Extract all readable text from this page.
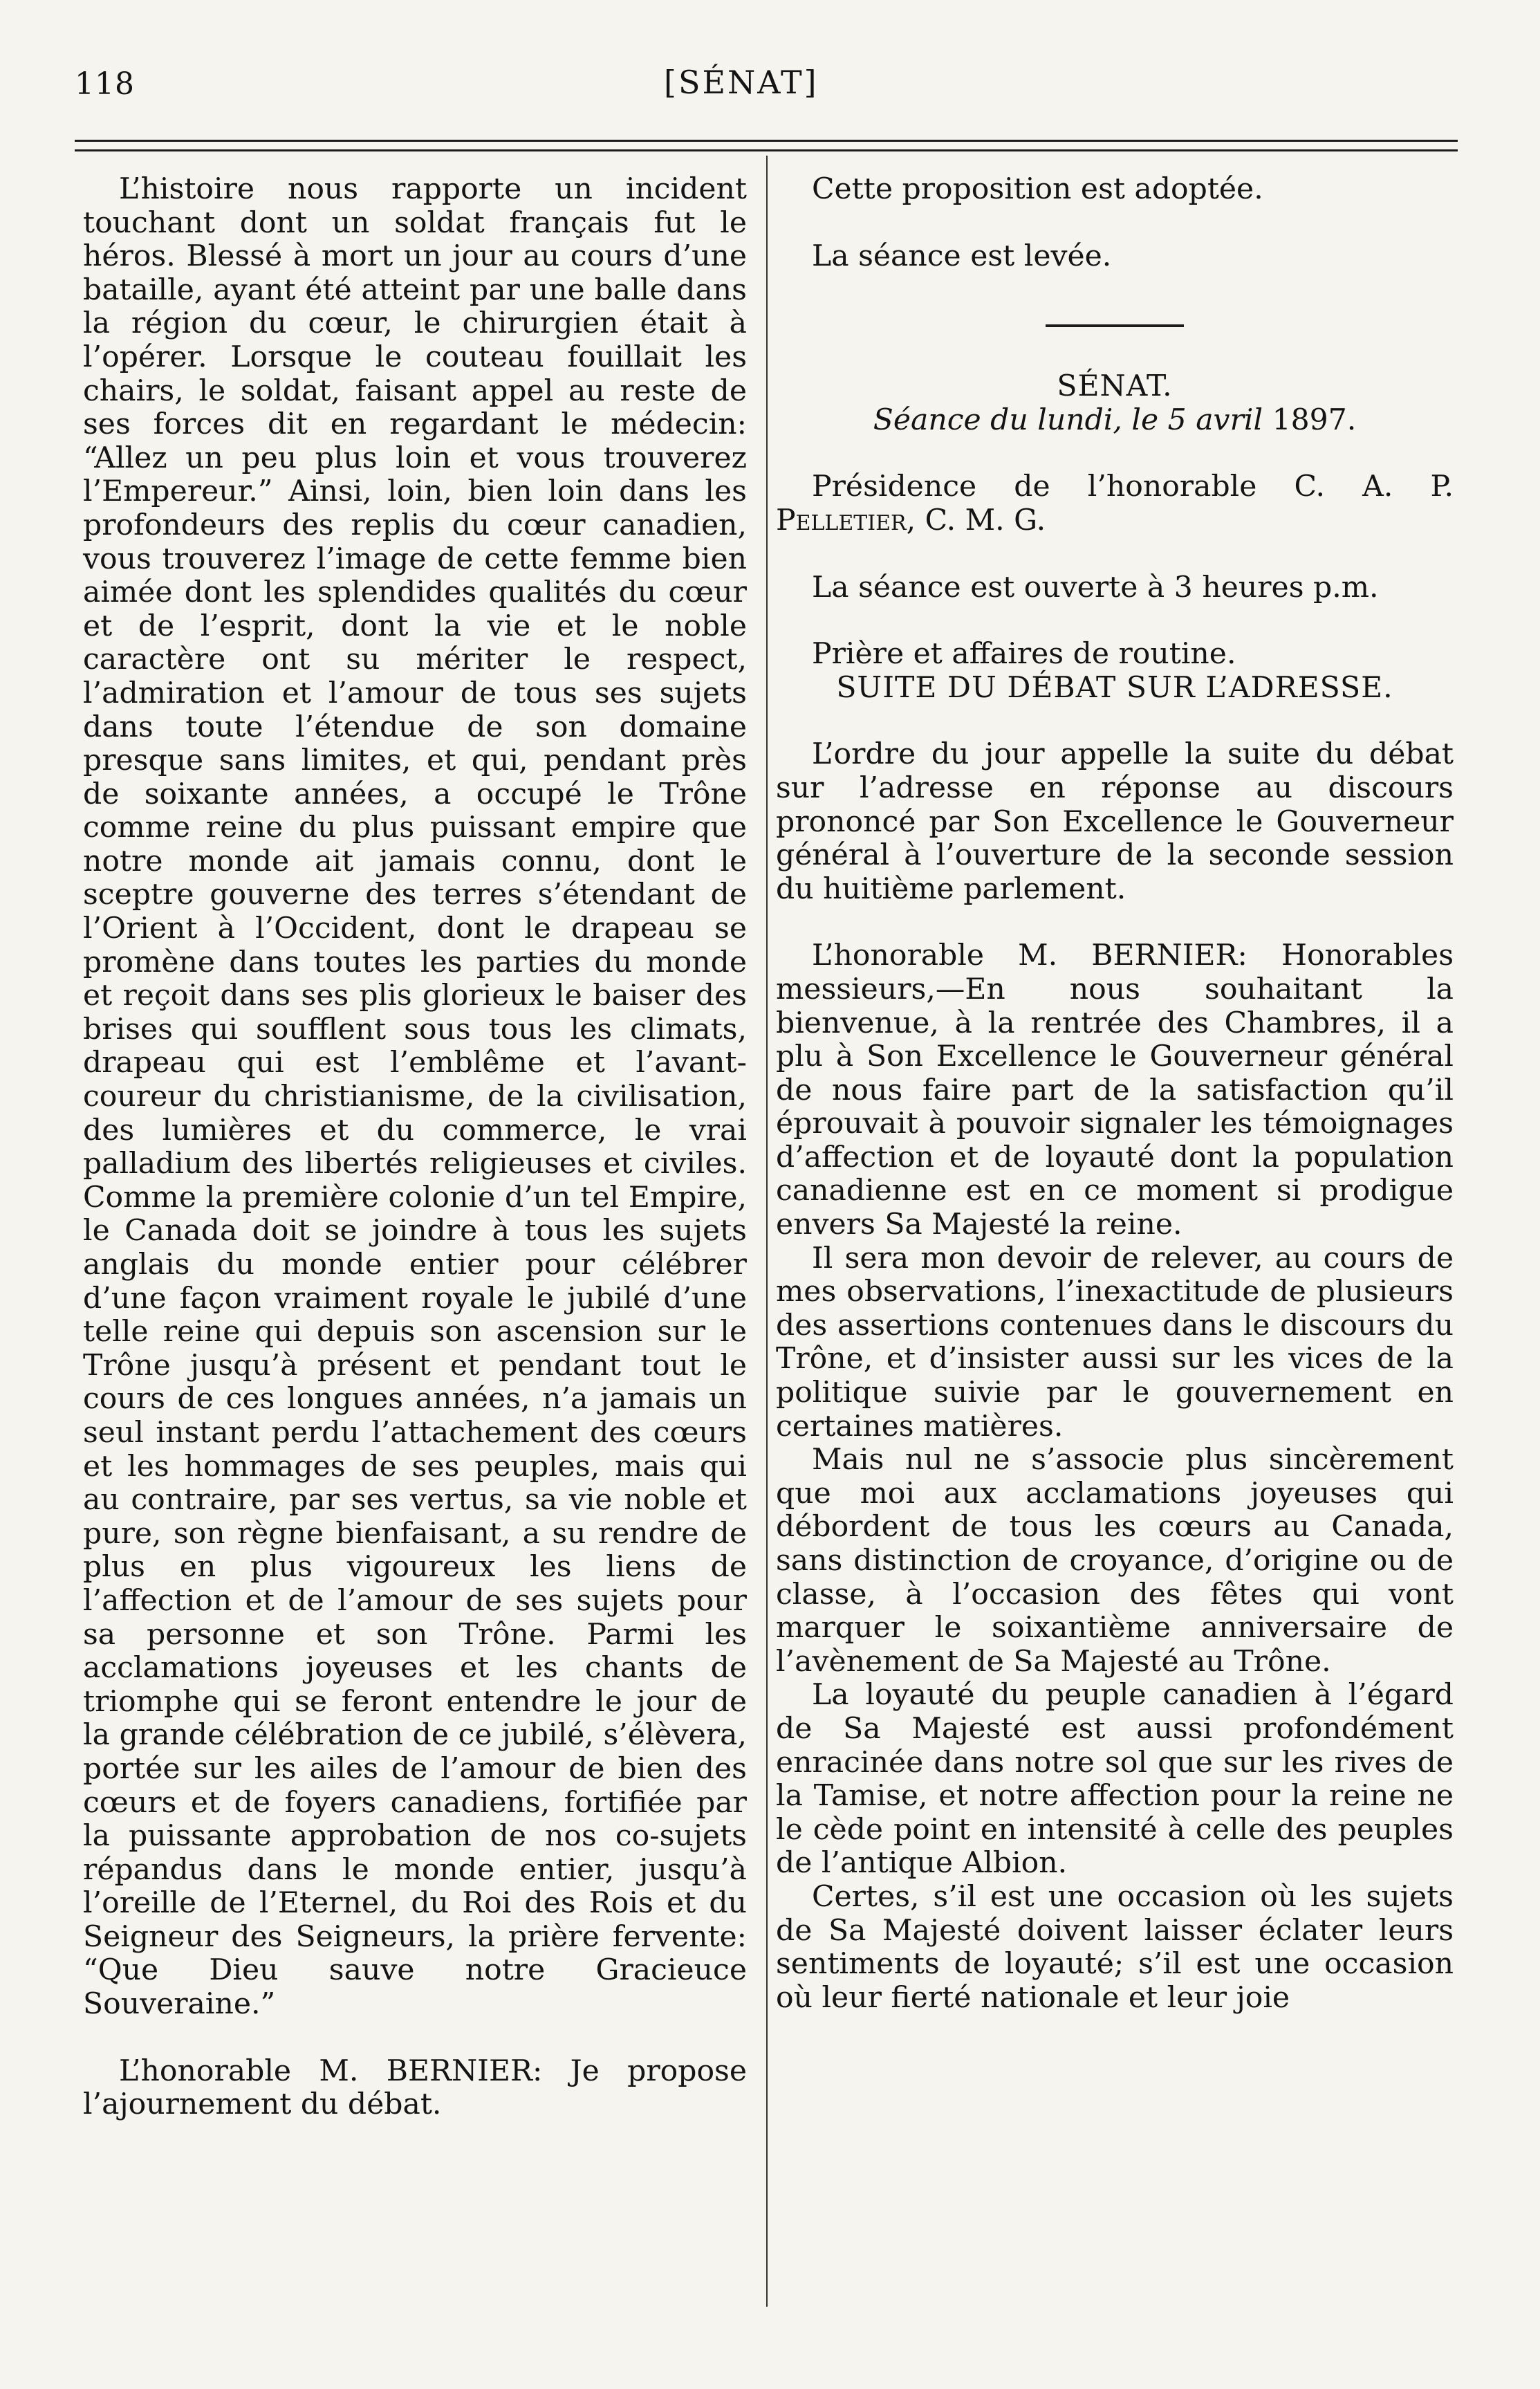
118	[SÉNAT]

L’histoire nous rapporte un incident touchant dont un soldat français fut le héros. Blessé à mort un jour au cours d’une bataille, ayant été atteint par une balle dans la région du cœur, le chirurgien était à l’opérer. Lorsque le couteau fouillait les chairs, le soldat, faisant appel au reste de ses forces dit en regardant le médecin: “Allez un peu plus loin et vous trouverez l’Empereur.” Ainsi, loin, bien loin dans les profondeurs des replis du cœur canadien, vous trouverez l’image de cette femme bien aimée dont les splendides qualités du cœur et de l’esprit, dont la vie et le noble caractère ont su mériter le respect, l’admiration et l’amour de tous ses sujets dans toute l’étendue de son domaine presque sans limites, et qui, pendant près de soixante années, a occupé le Trône comme reine du plus puissant empire que notre monde ait jamais connu, dont le sceptre gouverne des terres s’étendant de l’Orient à l’Occident, dont le drapeau se promène dans toutes les parties du monde et reçoit dans ses plis glorieux le baiser des brises qui soufflent sous tous les climats, drapeau qui est l’emblême et l’avant-coureur du christianisme, de la civilisation, des lumières et du commerce, le vrai palladium des libertés religieuses et civiles. Comme la première colonie d’un tel Empire, le Canada doit se joindre à tous les sujets anglais du monde entier pour célébrer d’une façon vraiment royale le jubilé d’une telle reine qui depuis son ascension sur le Trône jusqu’à présent et pendant tout le cours de ces longues années, n’a jamais un seul instant perdu l’attachement des cœurs et les hommages de ses peuples, mais qui au contraire, par ses vertus, sa vie noble et pure, son règne bienfaisant, a su rendre de plus en plus vigoureux les liens de l’affection et de l’amour de ses sujets pour sa personne et son Trône. Parmi les acclamations joyeuses et les chants de triomphe qui se feront entendre le jour de la grande célébration de ce jubilé, s’élèvera, portée sur les ailes de l’amour de bien des cœurs et de foyers canadiens, fortifiée par la puissante approbation de nos co-sujets répandus dans le monde entier, jusqu’à l’oreille de l’Eternel, du Roi des Rois et du Seigneur des Seigneurs, la prière fervente: “Que Dieu sauve notre Gracieuce Souveraine.”

L’honorable M. BERNIER: Je propose l’ajournement du débat.

Cette proposition est adoptée.

La séance est levée.

SÉNAT.

Séance du lundi, le 5 avril 1897.

Présidence de l’honorable C. A. P. Pelletier, C. M. G.

La séance est ouverte à 3 heures p.m.

Prière et affaires de routine.

SUITE DU DÉBAT SUR L’ADRESSE.

L’ordre du jour appelle la suite du débat sur l’adresse en réponse au discours prononcé par Son Excellence le Gouverneur général à l’ouverture de la seconde session du huitième parlement.

L’honorable M. BERNIER: Honorables messieurs,—En nous souhaitant la bienvenue, à la rentrée des Chambres, il a plu à Son Excellence le Gouverneur général de nous faire part de la satisfaction qu’il éprouvait à pouvoir signaler les témoignages d’affection et de loyauté dont la population canadienne est en ce moment si prodigue envers Sa Majesté la reine.

Il sera mon devoir de relever, au cours de mes observations, l’inexactitude de plusieurs des assertions contenues dans le discours du Trône, et d’insister aussi sur les vices de la politique suivie par le gouvernement en certaines matières.

Mais nul ne s’associe plus sincèrement que moi aux acclamations joyeuses qui débordent de tous les cœurs au Canada, sans distinction de croyance, d’origine ou de classe, à l’occasion des fêtes qui vont marquer le soixantième anniversaire de l’avènement de Sa Majesté au Trône.

La loyauté du peuple canadien à l’égard de Sa Majesté est aussi profondément enracinée dans notre sol que sur les rives de la Tamise, et notre affection pour la reine ne le cède point en intensité à celle des peuples de l’antique Albion.

Certes, s’il est une occasion où les sujets de Sa Majesté doivent laisser éclater leurs sentiments de loyauté; s’il est une occasion où leur fierté nationale et leur joie
